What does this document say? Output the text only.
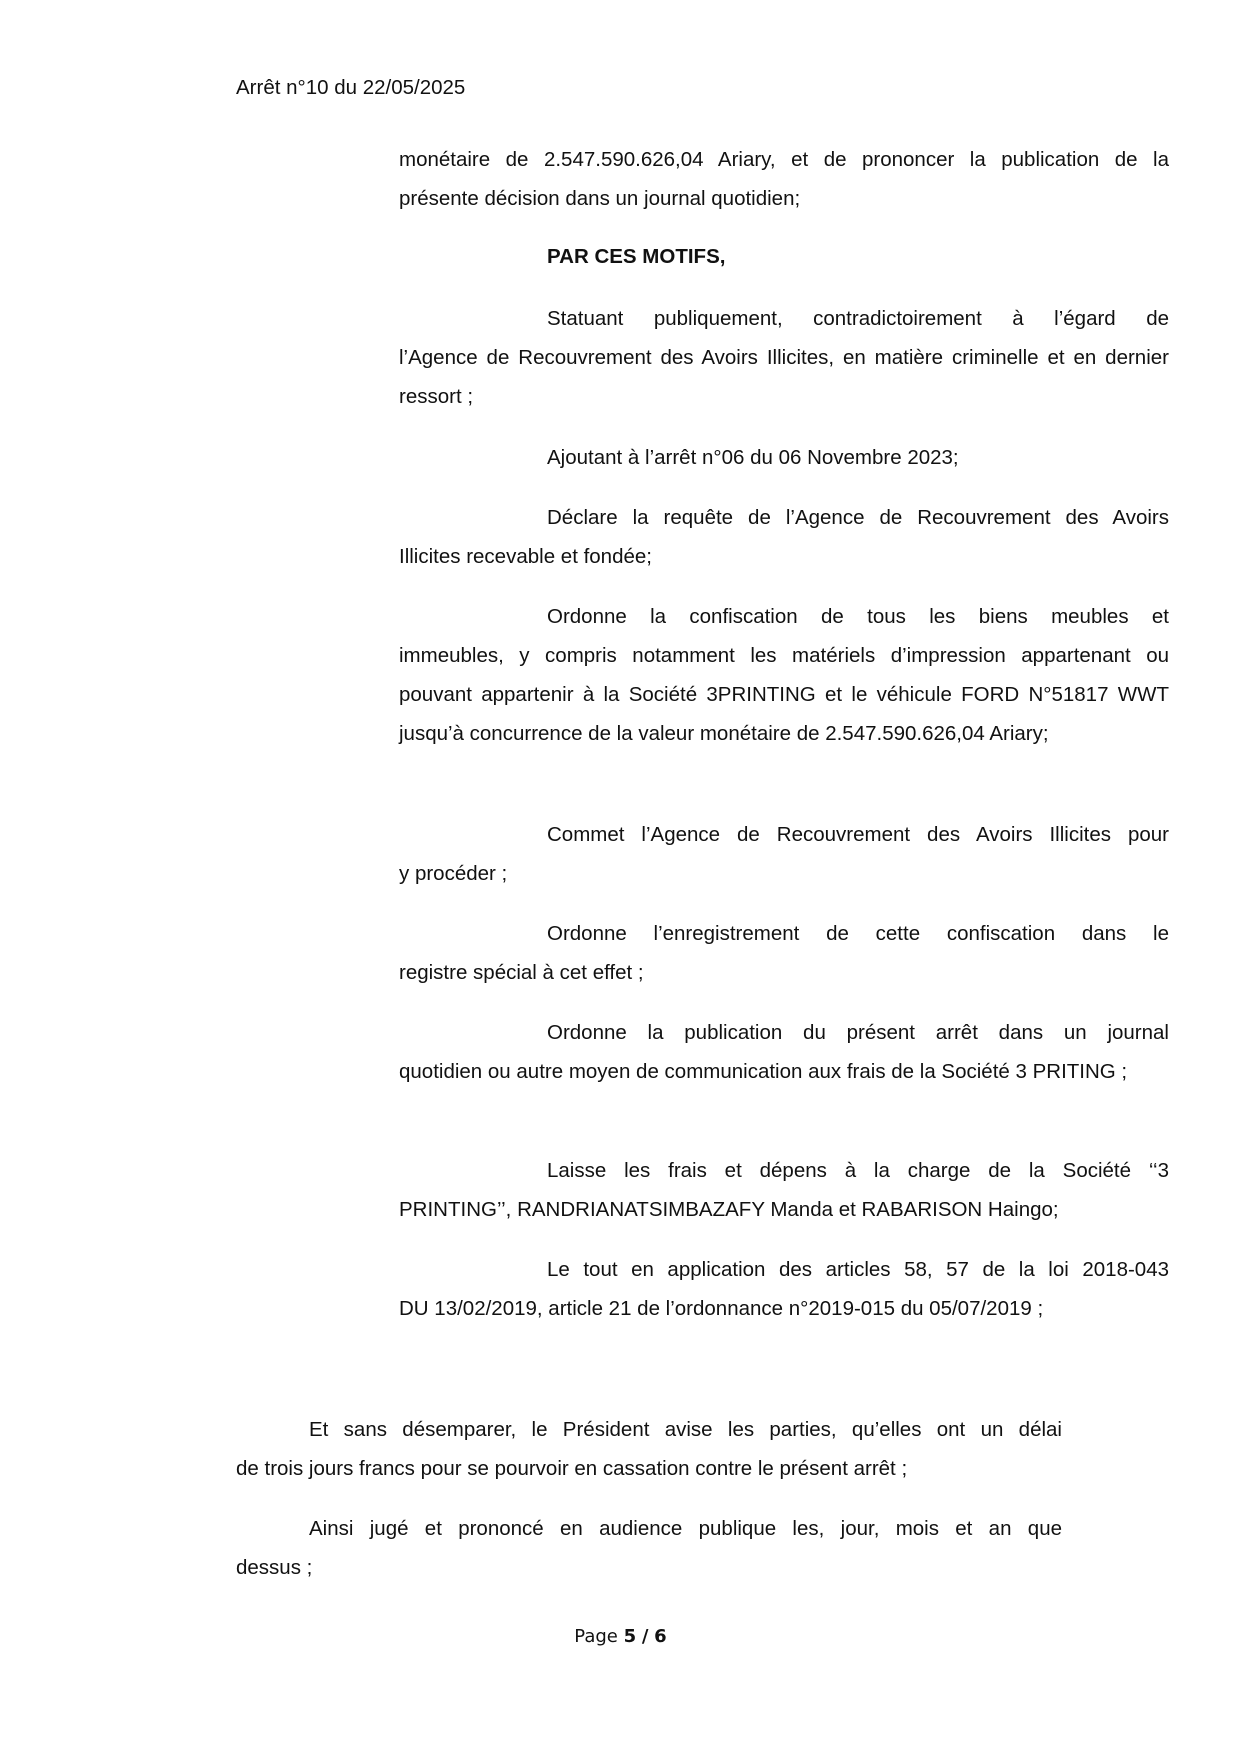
Arrêt n°10 du 22/05/2025

monétaire de 2.547.590.626,04 Ariary, et de prononcer la publication de la

présente décision dans un journal quotidien;

PAR CES MOTIFS,

Statuant publiquement, contradictoirement à l’égard de

l’Agence de Recouvrement des Avoirs Illicites, en matière criminelle et en dernier ressort ;

Ajoutant à l’arrêt n°06 du 06 Novembre 2023;

Déclare la requête de l’Agence de Recouvrement des Avoirs

Illicites recevable et fondée;

Ordonne la confiscation de tous les biens meubles et

immeubles, y compris notamment les matériels d’impression appartenant ou pouvant appartenir à la Société 3PRINTING et le véhicule FORD N°51817 WWT jusqu’à concurrence de la valeur monétaire de 2.547.590.626,04 Ariary;

Commet l’Agence de Recouvrement des Avoirs Illicites pour

y procéder ;

Ordonne l’enregistrement de cette confiscation dans le

registre spécial à cet effet ;

Ordonne la publication du présent arrêt dans un journal

quotidien ou autre moyen de communication aux frais de la Société 3 PRITING ;

Laisse les frais et dépens à la charge de la Société ‘‘3

PRINTING’’, RANDRIANATSIMBAZAFY Manda et RABARISON Haingo;

Le tout en application des articles 58, 57 de la loi 2018-043

DU 13/02/2019, article 21 de l’ordonnance n°2019-015 du 05/07/2019 ;

Et sans désemparer, le Président avise les parties, qu’elles ont un délai

de trois jours francs pour se pourvoir en cassation contre le présent arrêt ;

Ainsi jugé et prononcé en audience publique les, jour, mois et an que

dessus ;

Page 5 / 6
